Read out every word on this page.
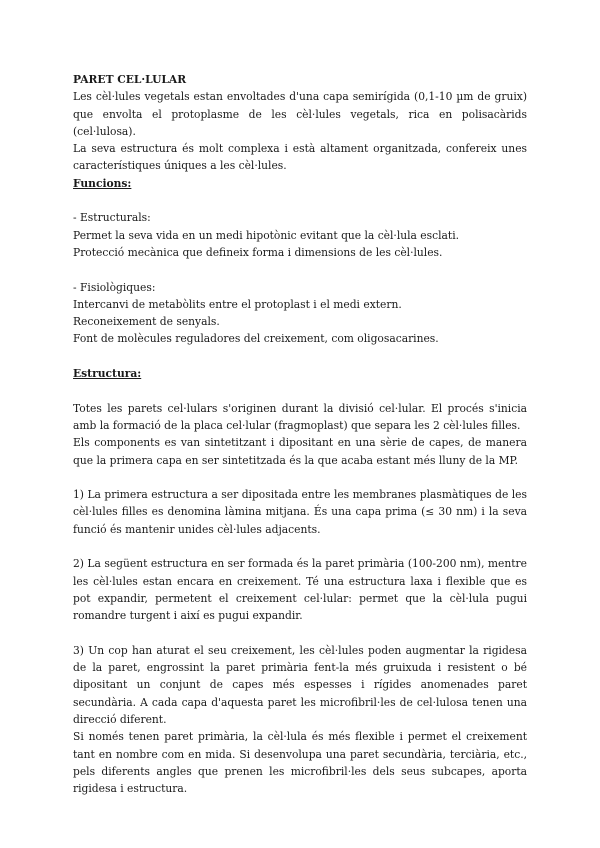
PARET CEL·LULAR

Les cèl·lules vegetals estan envoltades d'una capa semirígida (0,1-10 µm de gruix) que envolta el protoplasme de les cèl·lules vegetals, rica en polisacàrids (cel·lulosa).

La seva estructura és molt complexa i està altament organitzada, confereix unes característiques úniques a les cèl·lules.

Funcions:

- Estructurals:

Permet la seva vida en un medi hipotònic evitant que la cèl·lula esclati.

Protecció mecànica que defineix forma i dimensions de les cèl·lules.

- Fisiològiques:

Intercanvi de metabòlits entre el protoplast i el medi extern.

Reconeixement de senyals.

Font de molècules reguladores del creixement, com oligosacarines.

Estructura:

Totes les parets cel·lulars s'originen durant la divisió cel·lular. El procés s'inicia amb la formació de la placa cel·lular (fragmoplast) que separa les 2 cèl·lules filles.

Els components es van sintetitzant i dipositant en una sèrie de capes, de manera que la primera capa en ser sintetitzada és la que acaba estant més lluny de la MP.

1) La primera estructura a ser dipositada entre les membranes plasmàtiques de les cèl·lules filles es denomina làmina mitjana. És una capa prima (≤ 30 nm) i la seva funció és mantenir unides cèl·lules adjacents.

2) La següent estructura en ser formada és la paret primària (100-200 nm), mentre les cèl·lules estan encara en creixement. Té una estructura laxa i flexible que es pot expandir, permetent el creixement cel·lular: permet que la cèl·lula pugui romandre turgent i així es pugui expandir.

3) Un cop han aturat el seu creixement, les cèl·lules poden augmentar la rigidesa de la paret, engrossint la paret primària fent-la més gruixuda i resistent o bé dipositant un conjunt de capes més espesses i rígides anomenades paret secundària. A cada capa d'aquesta paret les microfibril·les de cel·lulosa tenen una direcció diferent.

Si només tenen paret primària, la cèl·lula és més flexible i permet el creixement tant en nombre com en mida. Si desenvolupa una paret secundària, terciària, etc., pels diferents angles que prenen les microfibril·les dels seus subcapes, aporta rigidesa i estructura.
